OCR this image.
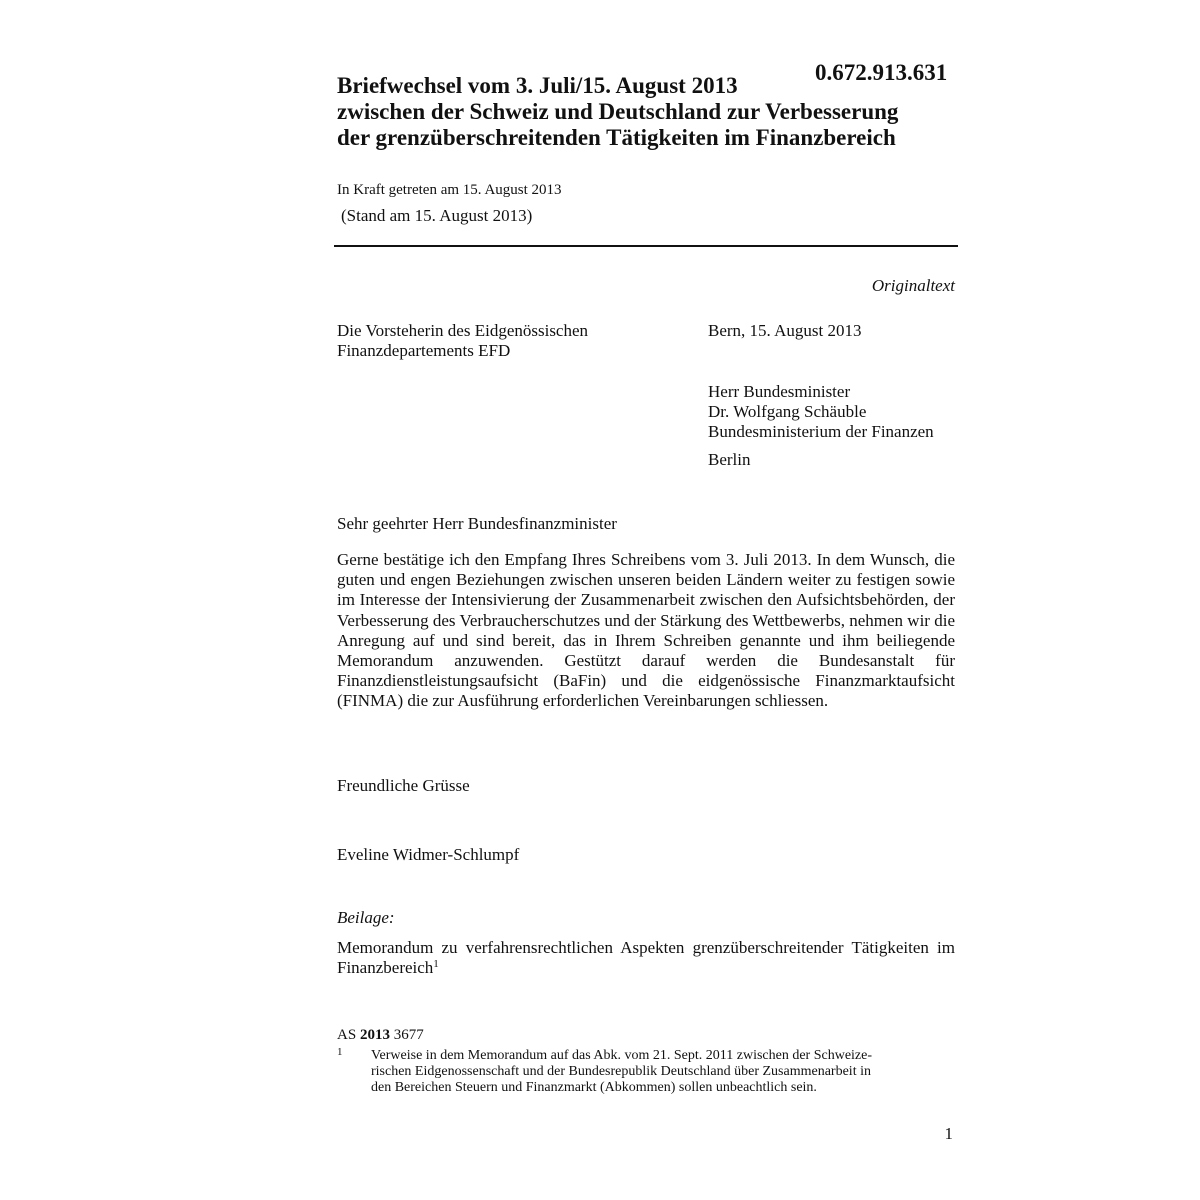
0.672.913.631
Briefwechsel vom 3. Juli/15. August 2013
zwischen der Schweiz und Deutschland zur Verbesserung
der grenzüberschreitenden Tätigkeiten im Finanzbereich
In Kraft getreten am 15. August 2013
(Stand am 15. August 2013)
Originaltext
Die Vorsteherin des Eidgenössischen
Finanzdepartements EFD
Bern, 15. August 2013
Herr Bundesminister
Dr. Wolfgang Schäuble
Bundesministerium der Finanzen
Berlin
Sehr geehrter Herr Bundesfinanzminister

Gerne bestätige ich den Empfang Ihres Schreibens vom 3. Juli 2013. In dem Wunsch, die guten und engen Beziehungen zwischen unseren beiden Ländern weiter zu festigen sowie im Interesse der Intensivierung der Zusammenarbeit zwischen den Aufsichtsbehörden, der Verbesserung des Verbraucherschutzes und der Stärkung des Wettbewerbs, nehmen wir die Anregung auf und sind bereit, das in Ihrem Schreiben genannte und ihm beiliegende Memorandum anzuwenden. Gestützt darauf werden die Bundesanstalt für Finanzdienstleistungsaufsicht (BaFin) und die eidgenössische Finanzmarktaufsicht (FINMA) die zur Ausführung erforderlichen Vereinbarungen schliessen.

Freundliche Grüsse
Eveline Widmer-Schlumpf
Beilage:
Memorandum zu verfahrensrechtlichen Aspekten grenzüberschreitender Tätigkeiten im Finanzbereich$^1$
AS 2013 3677
1 Verweise in dem Memorandum auf das Abk. vom 21. Sept. 2011 zwischen der Schweize-
rischen Eidgenossenschaft und der Bundesrepublik Deutschland über Zusammenarbeit in
den Bereichen Steuern und Finanzmarkt (Abkommen) sollen unbeachtlich sein.
1
